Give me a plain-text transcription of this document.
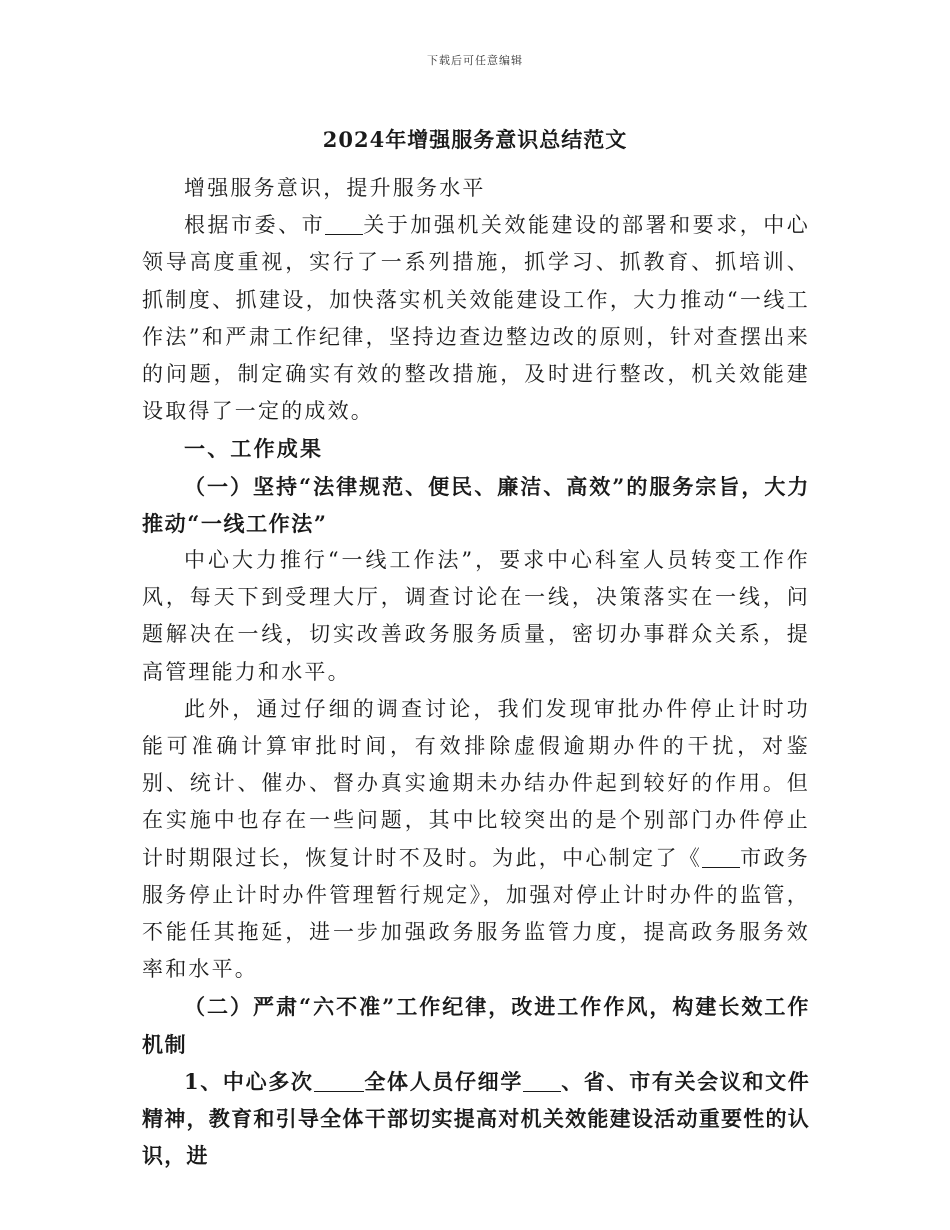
下载后可任意编辑
2024年增强服务意识总结范文

增强服务意识，提升服务水平

根据市委、市 关于加强机关效能建设的部署和要求，中心领导高度重视，实行了一系列措施，抓学习、抓教育、抓培训、抓制度、抓建设，加快落实机关效能建设工作，大力推动“一线工作法”和严肃工作纪律，坚持边查边整边改的原则，针对查摆出来的问题，制定确实有效的整改措施，及时进行整改，机关效能建设取得了一定的成效。

一、工作成果

（一）坚持“法律规范、便民、廉洁、高效”的服务宗旨，大力推动“一线工作法”

中心大力推行“一线工作法”，要求中心科室人员转变工作作风，每天下到受理大厅，调查讨论在一线，决策落实在一线，问题解决在一线，切实改善政务服务质量，密切办事群众关系，提高管理能力和水平。

此外，通过仔细的调查讨论，我们发现审批办件停止计时功能可准确计算审批时间，有效排除虚假逾期办件的干扰，对鉴别、统计、催办、督办真实逾期未办结办件起到较好的作用。但在实施中也存在一些问题，其中比较突出的是个别部门办件停止计时期限过长，恢复计时不及时。为此，中心制定了《 市政务服务停止计时办件管理暂行规定》，加强对停止计时办件的监管，不能任其拖延，进一步加强政务服务监管力度，提高政务服务效率和水平。

（二）严肃“六不准”工作纪律，改进工作作风，构建长效工作机制

1、中心多次 全体人员仔细学 、省、市有关会议和文件精神，教育和引导全体干部切实提高对机关效能建设活动重要性的认识，进
